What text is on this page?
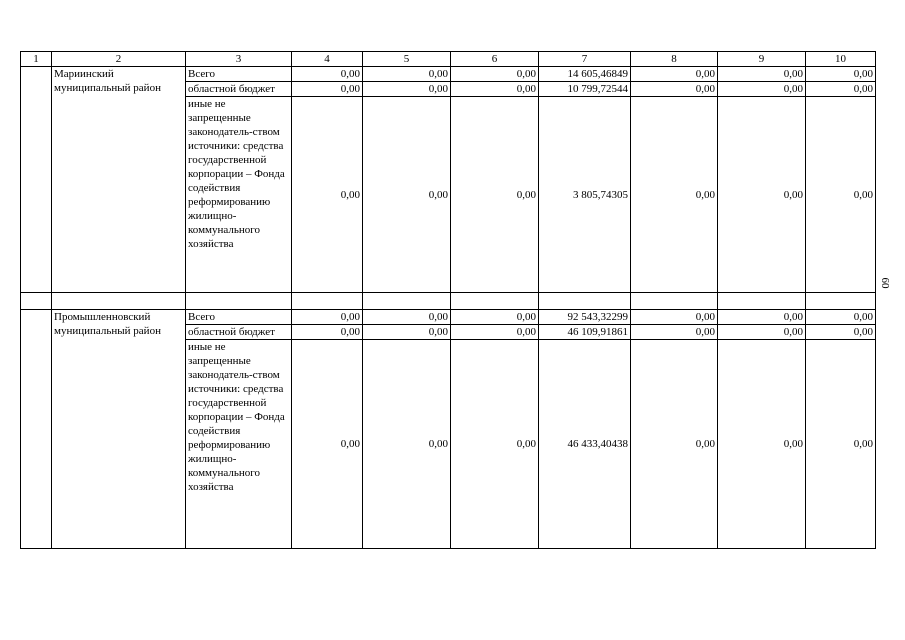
1	2	3	4	5	6	7	8	9	10
	Мариинский муниципальный район	Всего	0,00	0,00	0,00	14 605,46849	0,00	0,00	0,00
		областной бюджет	0,00	0,00	0,00	10 799,72544	0,00	0,00	0,00
		иные не запрещенные законодатель-ством источники: средства государственной корпорации – Фонда содействия реформированию жилищно-коммунального хозяйства	0,00	0,00	0,00	3 805,74305	0,00	0,00	0,00

	Промышленновский муниципальный район	Всего	0,00	0,00	0,00	92 543,32299	0,00	0,00	0,00
		областной бюджет	0,00	0,00	0,00	46 109,91861	0,00	0,00	0,00
		иные не запрещенные законодатель-ством источники: средства государственной корпорации – Фонда содействия реформированию жилищно-коммунального хозяйства	0,00	0,00	0,00	46 433,40438	0,00	0,00	0,00
60
